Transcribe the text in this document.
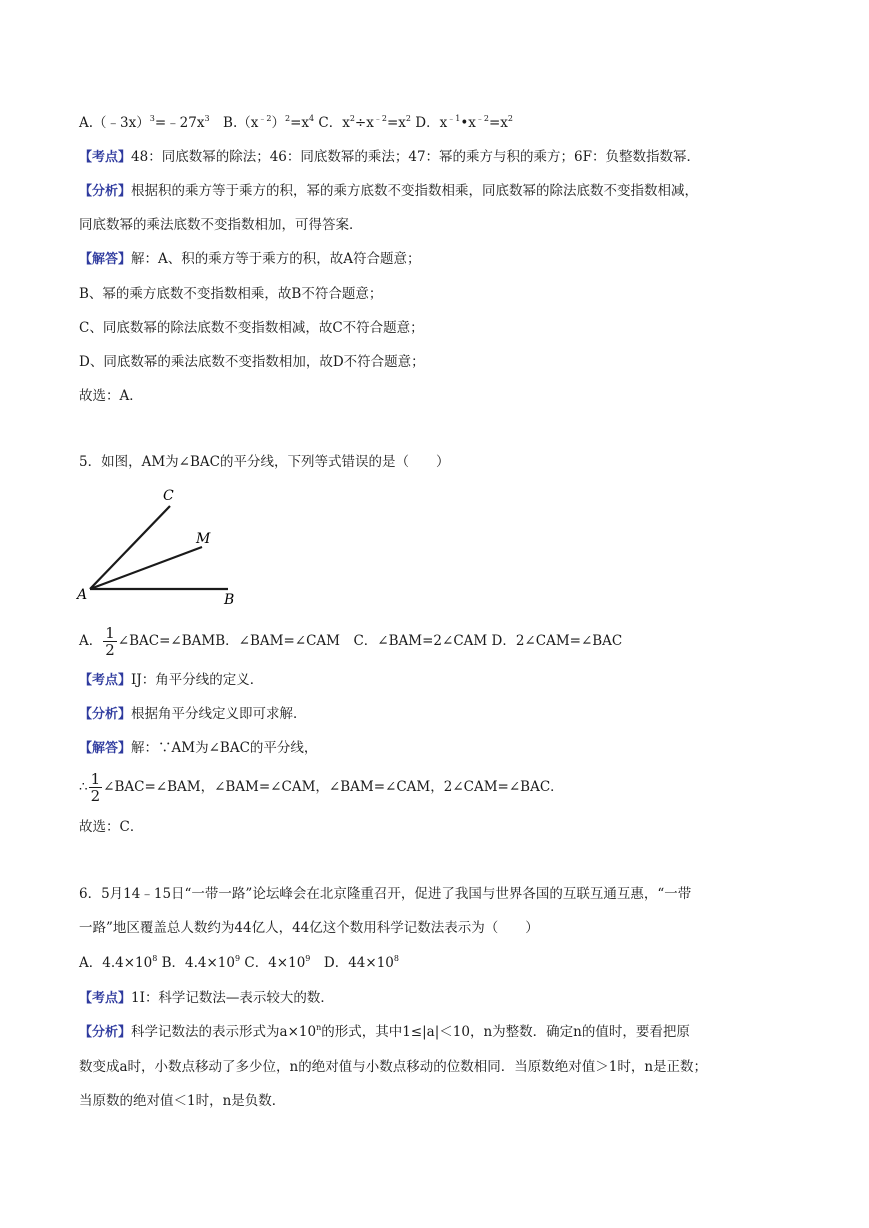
$A.(﹣3x)^3=﹣27x^3$　$B.(x^{﹣2})^2=x^4$ C．$x^2\div x^{﹣2}=x^2$ D．$x^{﹣1}•x^{﹣2}=x^2$
【考点】48：同底数幂的除法；46：同底数幂的乘法；47：幂的乘方与积的乘方；6F：负整数指数幂．
【分析】根据积的乘方等于乘方的积，幂的乘方底数不变指数相乘，同底数幂的除法底数不变指数相减，
同底数幂的乘法底数不变指数相加，可得答案．
【解答】解：A、积的乘方等于乘方的积，故A符合题意；
B、幂的乘方底数不变指数相乘，故B不符合题意；
C、同底数幂的除法底数不变指数相减，故C不符合题意；
D、同底数幂的乘法底数不变指数相加，故D不符合题意；
故选：A．
5．如图，AM为∠BAC的平分线，下列等式错误的是（　　）
C
M
A	B
A． $\frac{1}{2}$ ∠BAC=∠BAMB．∠BAM=∠CAM　C．∠BAM=2∠CAM D．2∠CAM=∠BAC
【考点】IJ：角平分线的定义．
【分析】根据角平分线定义即可求解．
【解答】解：∵AM为∠BAC的平分线，
∴ $\frac{1}{2}$ ∠BAC=∠BAM，∠BAM=∠CAM，∠BAM=∠CAM，2∠CAM=∠BAC．
故选：C．
6．5月14﹣15日“一带一路”论坛峰会在北京隆重召开，促进了我国与世界各国的互联互通互惠，“一带
一路”地区覆盖总人数约为44亿人，44亿这个数用科学记数法表示为（　　）
A．$4.4\times 10^8$ B．$4.4\times 10^9$ C．$4\times 10^9$　D．$44\times 10^8$
【考点】1I：科学记数法—表示较大的数．
【分析】科学记数法的表示形式为$a\times 10^n$的形式，其中1≤|a|＜10，n为整数．确定n的值时，要看把原
数变成a时，小数点移动了多少位，n的绝对值与小数点移动的位数相同．当原数绝对值＞1时，n是正数；
当原数的绝对值＜1时，n是负数．
